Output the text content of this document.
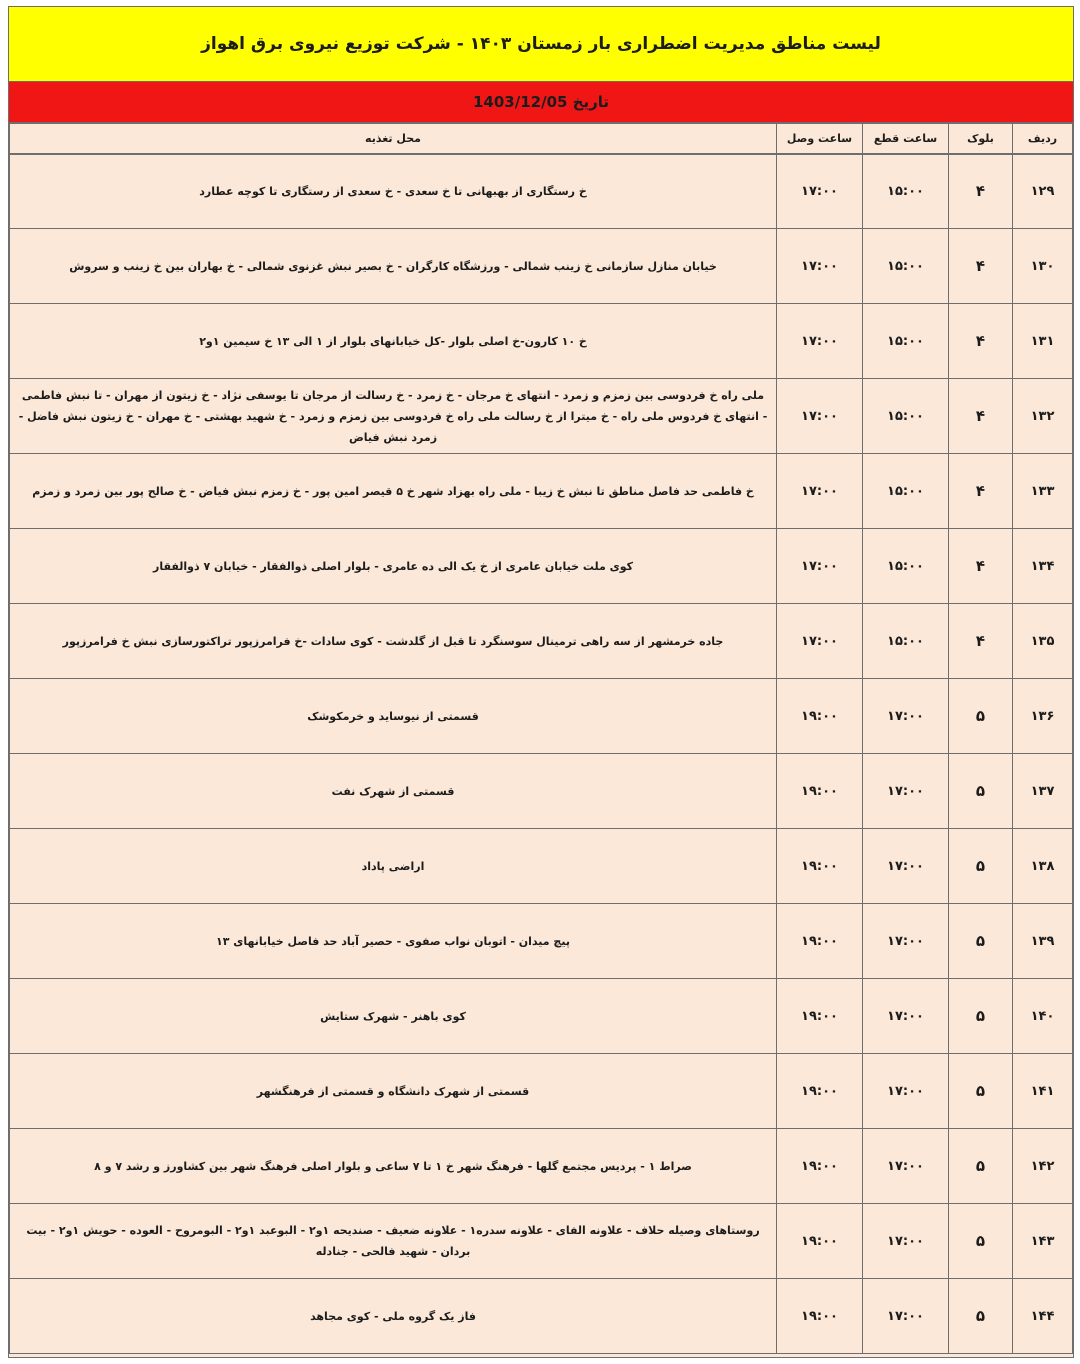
لیست مناطق مدیریت اضطراری بار زمستان ۱۴۰۳ - شرکت توزیع نیروی برق اهواز
تاریخ 1403/12/05
ردیف	بلوک	ساعت قطع	ساعت وصل	محل تغذیه
۱۲۹	۴	۱۵:۰۰	۱۷:۰۰	خ رستگاری از بهبهانی تا خ سعدی - خ سعدی از رستگاری تا کوچه عطارد
۱۳۰	۴	۱۵:۰۰	۱۷:۰۰	خیابان منازل سازمانی خ زینب شمالی - ورزشگاه کارگران - خ بصیر نبش غزنوی شمالی - خ بهاران بین خ زینب و سروش
۱۳۱	۴	۱۵:۰۰	۱۷:۰۰	خ ۱۰ کارون-خ اصلی بلوار -کل خیابانهای بلوار از ۱ الی ۱۳ خ سیمین ۱و۲
۱۳۲	۴	۱۵:۰۰	۱۷:۰۰	ملی راه خ فردوسی بین زمزم و زمرد - انتهای خ مرجان - خ زمرد - خ رسالت از مرجان تا یوسفی نژاد - خ زیتون از مهران - تا نبش فاطمی - انتهای خ فردوس ملی راه - خ میترا از خ رسالت ملی راه خ فردوسی بین زمزم و زمرد - خ شهید بهشتی - خ مهران - خ زیتون نبش فاضل - زمرد نبش فیاض
۱۳۳	۴	۱۵:۰۰	۱۷:۰۰	خ فاطمی حد فاصل مناطق تا نبش خ زیبا - ملی راه بهزاد شهر خ ۵ قیصر امین پور - خ زمزم نبش فیاض - خ صالح پور بین زمرد و زمزم
۱۳۴	۴	۱۵:۰۰	۱۷:۰۰	کوی ملت خیابان عامری از خ یک الی ده عامری - بلوار اصلی ذوالفقار - خیابان ۷ ذوالفقار
۱۳۵	۴	۱۵:۰۰	۱۷:۰۰	جاده خرمشهر از سه راهی ترمینال سوسنگرد تا قبل از گلدشت - کوی سادات -خ فرامرزپور تراکتورسازی نبش خ فرامرزپور
۱۳۶	۵	۱۷:۰۰	۱۹:۰۰	قسمتی از نیوساید و خرمکوشک
۱۳۷	۵	۱۷:۰۰	۱۹:۰۰	قسمتی از شهرک نفت
۱۳۸	۵	۱۷:۰۰	۱۹:۰۰	اراضی پاداد
۱۳۹	۵	۱۷:۰۰	۱۹:۰۰	پیچ میدان - اتوبان نواب صفوی - حصیر آباد حد فاصل خیابانهای ۱۳
۱۴۰	۵	۱۷:۰۰	۱۹:۰۰	کوی باهنر - شهرک ستایش
۱۴۱	۵	۱۷:۰۰	۱۹:۰۰	قسمتی از شهرک دانشگاه و قسمتی از فرهنگشهر
۱۴۲	۵	۱۷:۰۰	۱۹:۰۰	صراط ۱ - پردیس مجتمع گلها - فرهنگ شهر خ ۱ تا ۷ ساعی و بلوار اصلی فرهنگ شهر بین کشاورز و رشد ۷ و ۸
۱۴۳	۵	۱۷:۰۰	۱۹:۰۰	روستاهای وصیله حلاف - علاونه الفای - علاونه سدره۱ - علاونه ضعیف - صندیحه ۱و۲ - البوعبد ۱و۲ - البومروح - العوده - حویش ۱و۲ - بیت بردان - شهید فالحی - جنادله
۱۴۴	۵	۱۷:۰۰	۱۹:۰۰	فاز یک گروه ملی - کوی مجاهد
